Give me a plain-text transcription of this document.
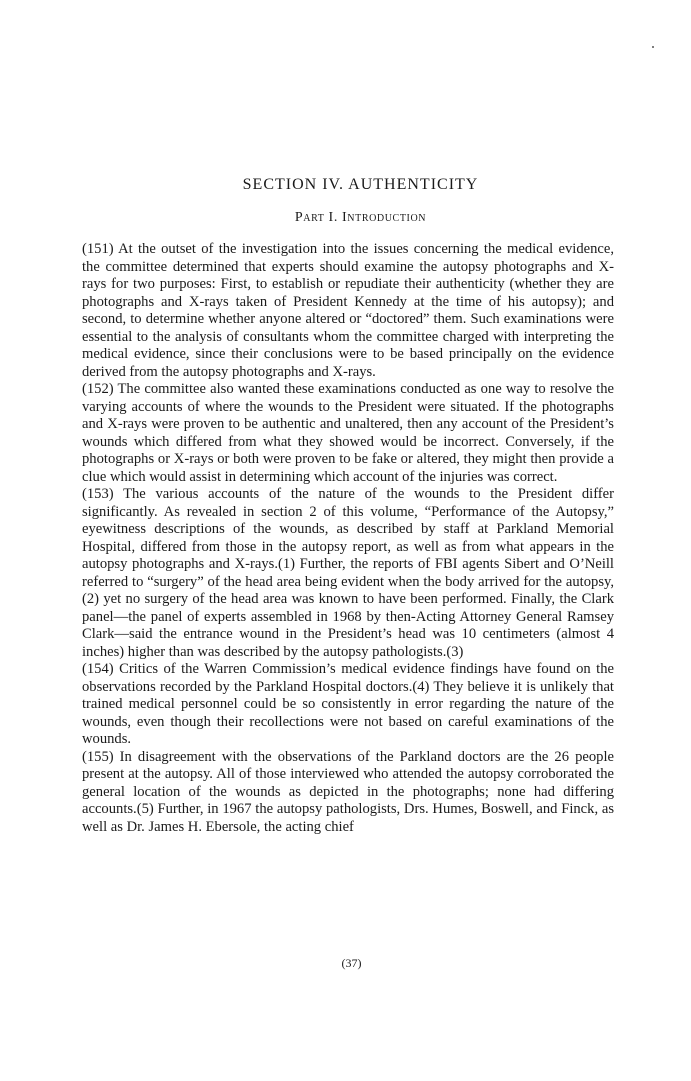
SECTION IV. AUTHENTICITY
Part I. Introduction

(151) At the outset of the investigation into the issues concerning the medical evidence, the committee determined that experts should examine the autopsy photographs and X-rays for two purposes: First, to establish or repudiate their authenticity (whether they are photographs and X-rays taken of President Kennedy at the time of his autopsy); and second, to determine whether anyone altered or “doctored” them. Such examinations were essential to the analysis of consultants whom the committee charged with interpreting the medical evidence, since their conclusions were to be based principally on the evidence derived from the autopsy photographs and X-rays.

(152) The committee also wanted these examinations conducted as one way to resolve the varying accounts of where the wounds to the President were situated. If the photographs and X-rays were proven to be authentic and unaltered, then any account of the President’s wounds which differed from what they showed would be incorrect. Conversely, if the photographs or X-rays or both were proven to be fake or altered, they might then provide a clue which would assist in determining which account of the injuries was correct.

(153) The various accounts of the nature of the wounds to the President differ significantly. As revealed in section 2 of this volume, “Performance of the Autopsy,” eyewitness descriptions of the wounds, as described by staff at Parkland Memorial Hospital, differed from those in the autopsy report, as well as from what appears in the autopsy photographs and X-rays.(1) Further, the reports of FBI agents Sibert and O’Neill referred to “surgery” of the head area being evident when the body arrived for the autopsy,(2) yet no surgery of the head area was known to have been performed. Finally, the Clark panel—the panel of experts assembled in 1968 by then-Acting Attorney General Ramsey Clark—said the entrance wound in the President’s head was 10 centimeters (almost 4 inches) higher than was described by the autopsy pathologists.(3)

(154) Critics of the Warren Commission’s medical evidence findings have found on the observations recorded by the Parkland Hospital doctors.(4) They believe it is unlikely that trained medical personnel could be so consistently in error regarding the nature of the wounds, even though their recollections were not based on careful examinations of the wounds.

(155) In disagreement with the observations of the Parkland doctors are the 26 people present at the autopsy. All of those interviewed who attended the autopsy corroborated the general location of the wounds as depicted in the photographs; none had differing accounts.(5) Further, in 1967 the autopsy pathologists, Drs. Humes, Boswell, and Finck, as well as Dr. James H. Ebersole, the acting chief

(37)
